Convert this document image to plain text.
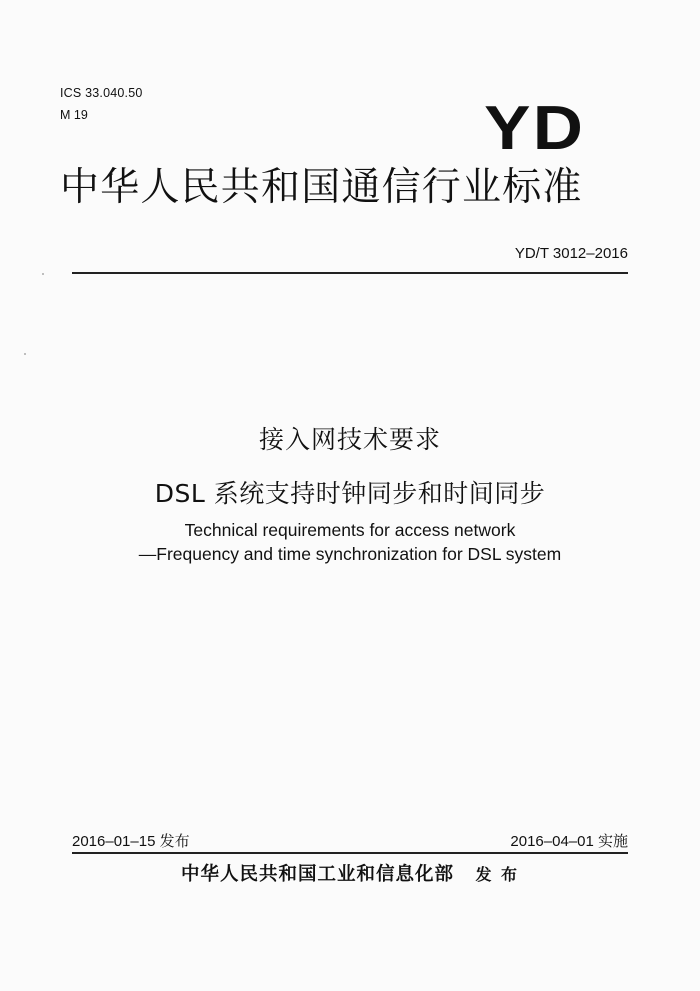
ICS 33.040.50
M 19	YD
中华人民共和国通信行业标准
YD/T 3012–2016
接入网技术要求
DSL 系统支持时钟同步和时间同步
Technical requirements for access network
—Frequency and time synchronization for DSL system
2016–01–15 发布	2016–04–01 实施
中华人民共和国工业和信息化部 发 布
